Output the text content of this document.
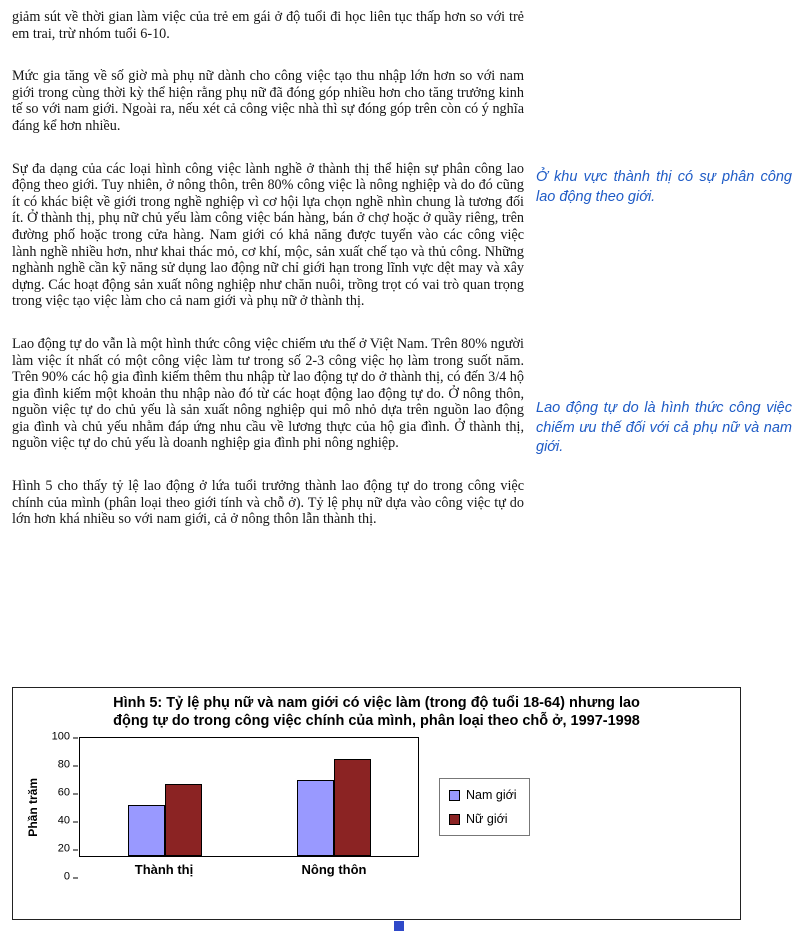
giảm sút về thời gian làm việc của trẻ em gái ở độ tuổi đi học liên tục thấp hơn so với trẻ em trai, trừ nhóm tuổi 6-10.

Mức gia tăng về số giờ mà phụ nữ dành cho công việc tạo thu nhập lớn hơn so với nam giới trong cùng thời kỳ thể hiện rằng phụ nữ đã đóng góp nhiều hơn cho tăng trưởng kinh tế so với nam giới. Ngoài ra, nếu xét cả công việc nhà thì sự đóng góp trên còn có ý nghĩa đáng kể hơn nhiều.

Sự đa dạng của các loại hình công việc lành nghề ở thành thị thể hiện sự phân công lao động theo giới. Tuy nhiên, ở nông thôn, trên 80% công việc là nông nghiệp và do đó cũng ít có khác biệt về giới trong nghề nghiệp vì cơ hội lựa chọn nghề nhìn chung là tương đối ít. Ở thành thị, phụ nữ chủ yếu làm công việc bán hàng, bán ở chợ hoặc ở quầy riêng, trên đường phố hoặc trong cửa hàng. Nam giới có khả năng được tuyển vào các công việc lành nghề nhiều hơn, như khai thác mỏ, cơ khí, mộc, sản xuất chế tạo và thủ công. Những nghành nghề cần kỹ năng sử dụng lao động nữ chỉ giới hạn trong lĩnh vực dệt may và xây dựng. Các hoạt động sản xuất nông nghiệp như chăn nuôi, trồng trọt có vai trò quan trọng trong việc tạo việc làm cho cả nam giới và phụ nữ ở thành thị.

Lao động tự do vẫn là một hình thức công việc chiếm ưu thế ở Việt Nam. Trên 80% người làm việc ít nhất có một công việc làm tư trong số 2-3 công việc họ làm trong suốt năm. Trên 90% các hộ gia đình kiếm thêm thu nhập từ lao động tự do ở thành thị, có đến 3/4 hộ gia đình kiếm một khoản thu nhập nào đó từ các hoạt động lao động tự do. Ở nông thôn, nguồn việc tự do chủ yếu là sản xuất nông nghiệp qui mô nhỏ dựa trên nguồn lao động gia đình và chủ yếu nhằm đáp ứng nhu cầu về lương thực của hộ gia đình. Ở thành thị, nguồn việc tự do chủ yếu là doanh nghiệp gia đình phi nông nghiệp.

Hình 5 cho thấy tỷ lệ lao động ở lứa tuổi trưởng thành lao động tự do trong công việc chính của mình (phân loại theo giới tính và chỗ ở). Tỷ lệ phụ nữ dựa vào công việc tự do lớn hơn khá nhiều so với nam giới, cả ở nông thôn lẫn thành thị.

Ở khu vực thành thị có sự phân công lao động theo giới.
Lao động tự do là hình thức công việc chiếm ưu thế đối với cả phụ nữ và nam giới.
Hình 5: Tỷ lệ phụ nữ và nam giới có việc làm (trong độ tuổi 18-64) nhưng lao động tự do trong công việc chính của mình, phân loại theo chỗ ở, 1997-1998
Phần trăm
0
20
40
60
80
100
Thành thị	Nông thôn
Nam giới
Nữ giới
